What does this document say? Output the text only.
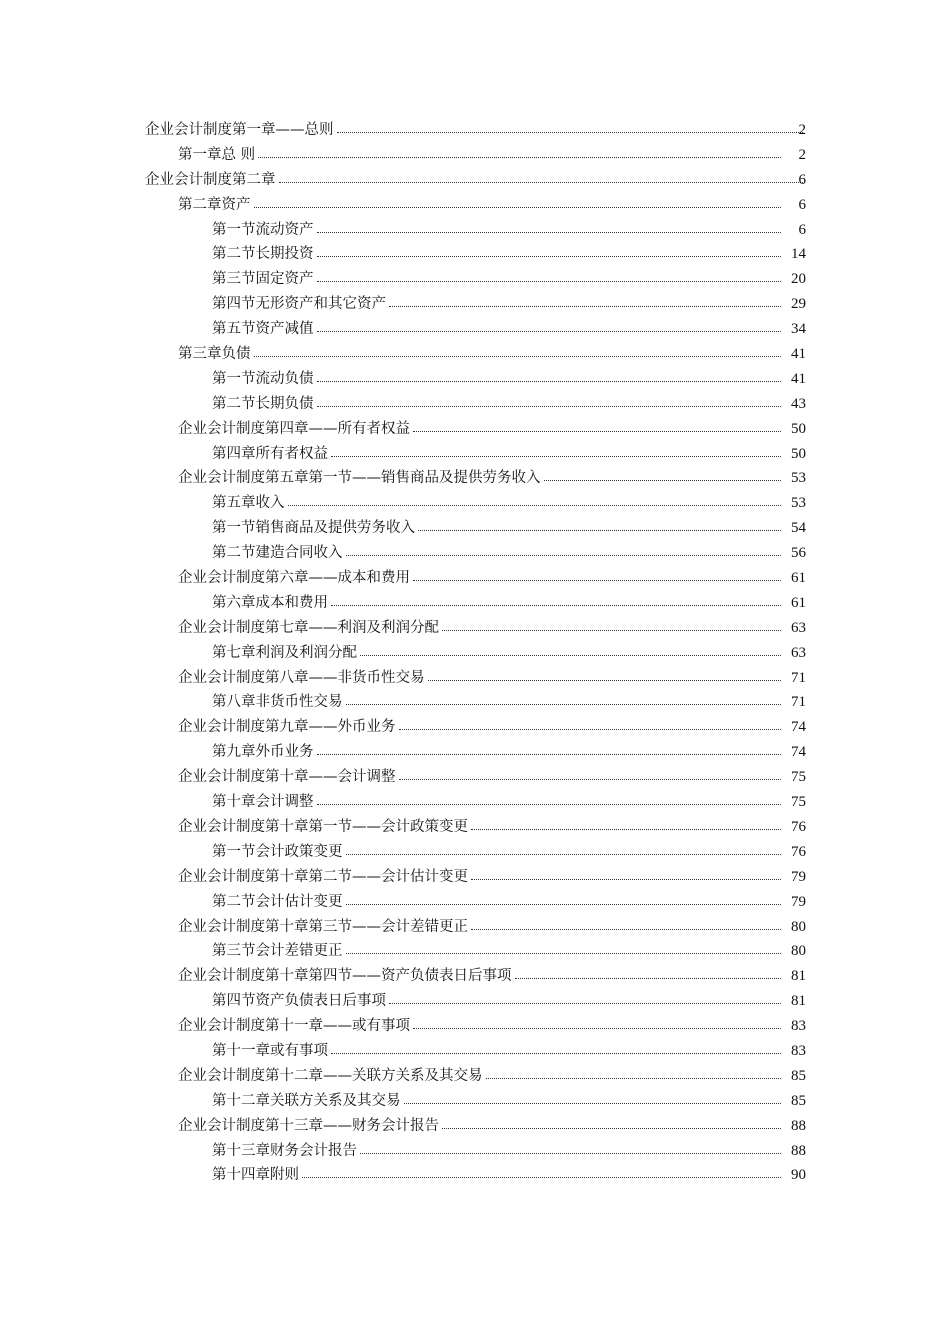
企业会计制度第一章——总则	2
第一章总 则	2
企业会计制度第二章	6
第二章资产	6
第一节流动资产	6
第二节长期投资	14
第三节固定资产	20
第四节无形资产和其它资产	29
第五节资产减值	34
第三章负债	41
第一节流动负债	41
第二节长期负债	43
企业会计制度第四章——所有者权益	50
第四章所有者权益	50
企业会计制度第五章第一节——销售商品及提供劳务收入	53
第五章收入	53
第一节销售商品及提供劳务收入	54
第二节建造合同收入	56
企业会计制度第六章——成本和费用	61
第六章成本和费用	61
企业会计制度第七章——利润及利润分配	63
第七章利润及利润分配	63
企业会计制度第八章——非货币性交易	71
第八章非货币性交易	71
企业会计制度第九章——外币业务	74
第九章外币业务	74
企业会计制度第十章——会计调整	75
第十章会计调整	75
企业会计制度第十章第一节——会计政策变更	76
第一节会计政策变更	76
企业会计制度第十章第二节——会计估计变更	79
第二节会计估计变更	79
企业会计制度第十章第三节——会计差错更正	80
第三节会计差错更正	80
企业会计制度第十章第四节——资产负债表日后事项	81
第四节资产负债表日后事项	81
企业会计制度第十一章——或有事项	83
第十一章或有事项	83
企业会计制度第十二章——关联方关系及其交易	85
第十二章关联方关系及其交易	85
企业会计制度第十三章——财务会计报告	88
第十三章财务会计报告	88
第十四章附则	90
